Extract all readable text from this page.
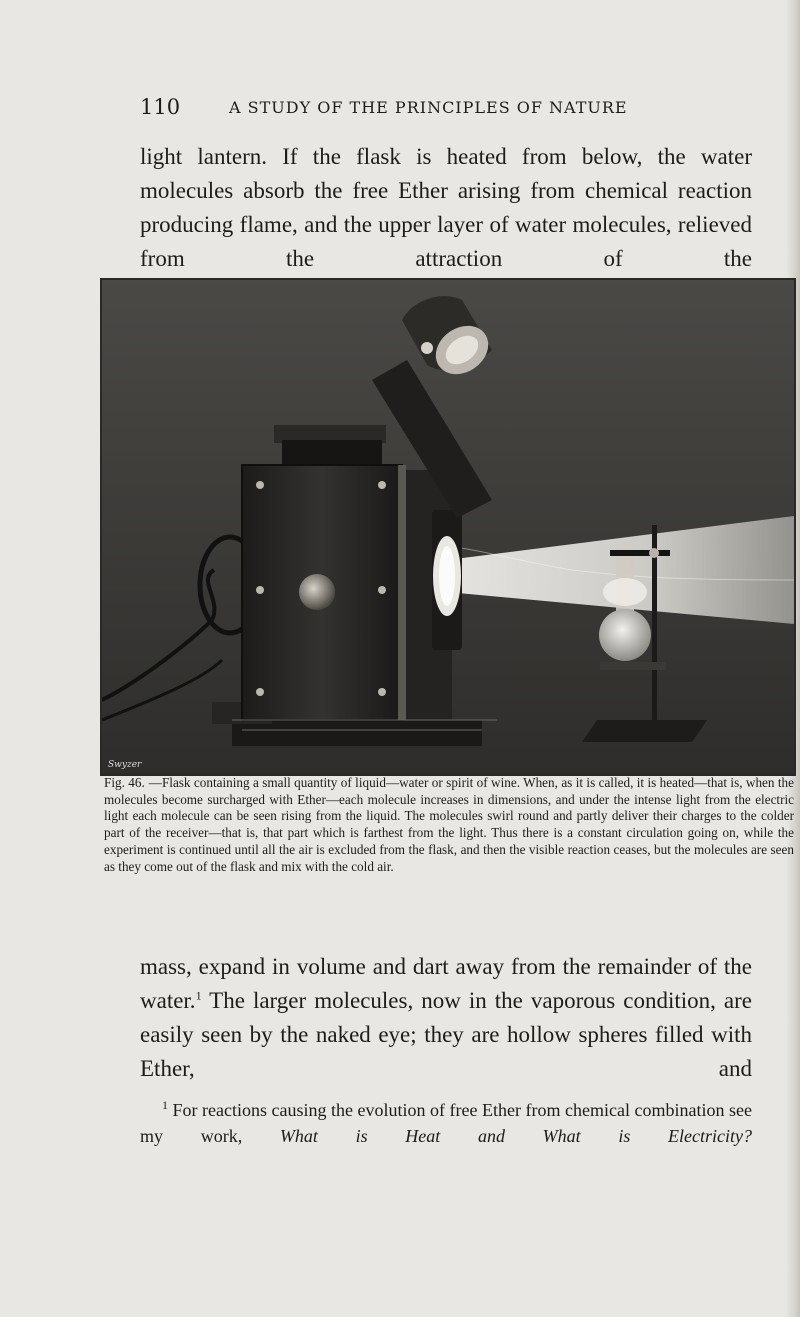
110	A STUDY OF THE PRINCIPLES OF NATURE

light lantern. If the flask is heated from below, the water molecules absorb the free Ether arising from chemical reaction producing flame, and the upper layer of water molecules, relieved from the attraction of the

Swyzer

Fig. 46. —Flask containing a small quantity of liquid—water or spirit of wine. When, as it is called, it is heated—that is, when the molecules become surcharged with Ether—each molecule increases in dimensions, and under the intense light from the electric light each molecule can be seen rising from the liquid. The molecules swirl round and partly deliver their charges to the colder part of the receiver—that is, that part which is farthest from the light. Thus there is a constant circulation going on, while the experiment is continued until all the air is excluded from the flask, and then the visible reaction ceases, but the molecules are seen as they come out of the flask and mix with the cold air.

mass, expand in volume and dart away from the remainder of the water.$^1$ The larger molecules, now in the vaporous condition, are easily seen by the naked eye; they are hollow spheres filled with Ether, and

$^1$ For reactions causing the evolution of free Ether from chemical combination see my work, What is Heat and What is Electricity?
